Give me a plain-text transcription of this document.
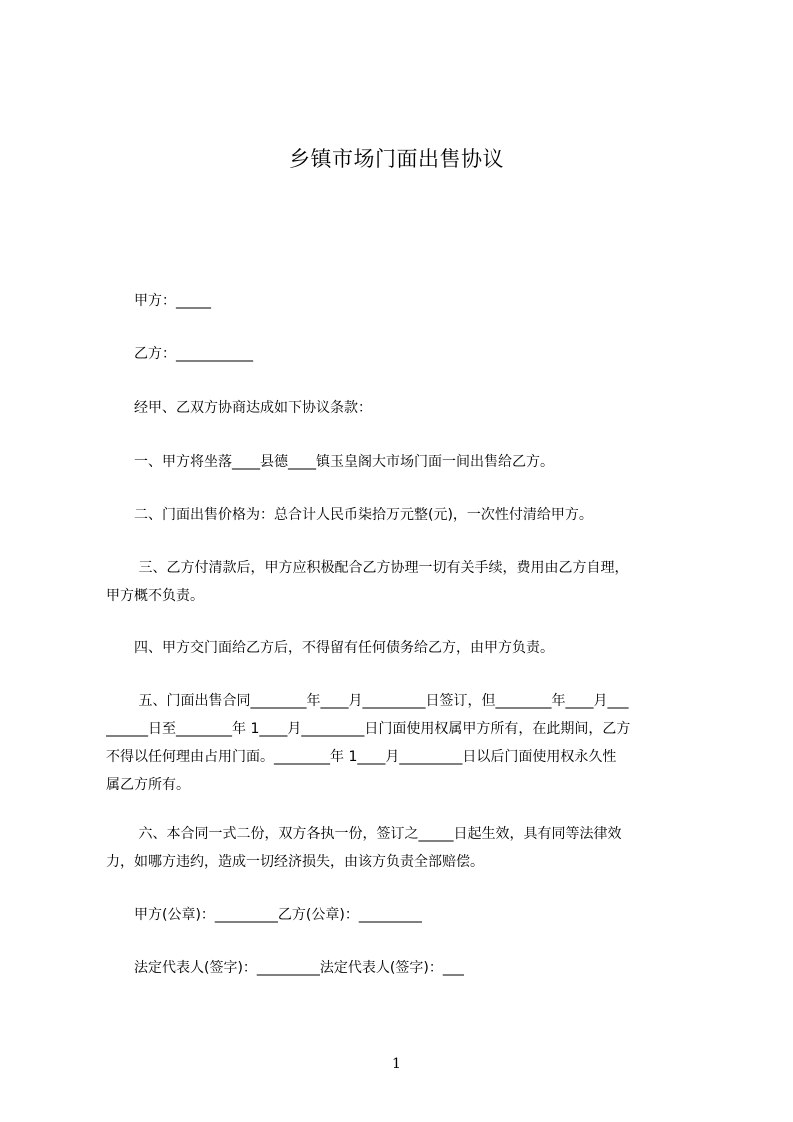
乡镇市场门面出售协议
　　甲方：_____
　　乙方：___________
　　经甲、乙双方协商达成如下协议条款：
　　一、甲方将坐落____县德____镇玉皇阁大市场门面一间出售给乙方。
　　二、门面出售价格为：总合计人民币柒拾万元整(元)，一次性付清给甲方。
　　 三、乙方付清款后，甲方应积极配合乙方协理一切有关手续，费用由乙方自理，
甲方概不负责。
　　四、甲方交门面给乙方后，不得留有任何债务给乙方，由甲方负责。
　　 五、门面出售合同________年____月_________日签订，但________年____月___
______日至________年 1____月_________日门面使用权属甲方所有，在此期间，乙方
不得以任何理由占用门面。________年 1____月_________日以后门面使用权永久性
属乙方所有。
　　 六、本合同一式二份，双方各执一份，签订之_____日起生效，具有同等法律效
力，如哪方违约，造成一切经济损失，由该方负责全部赔偿。
　　甲方(公章)：_________乙方(公章)：_________
　　法定代表人(签字)：_________法定代表人(签字)：___
1
